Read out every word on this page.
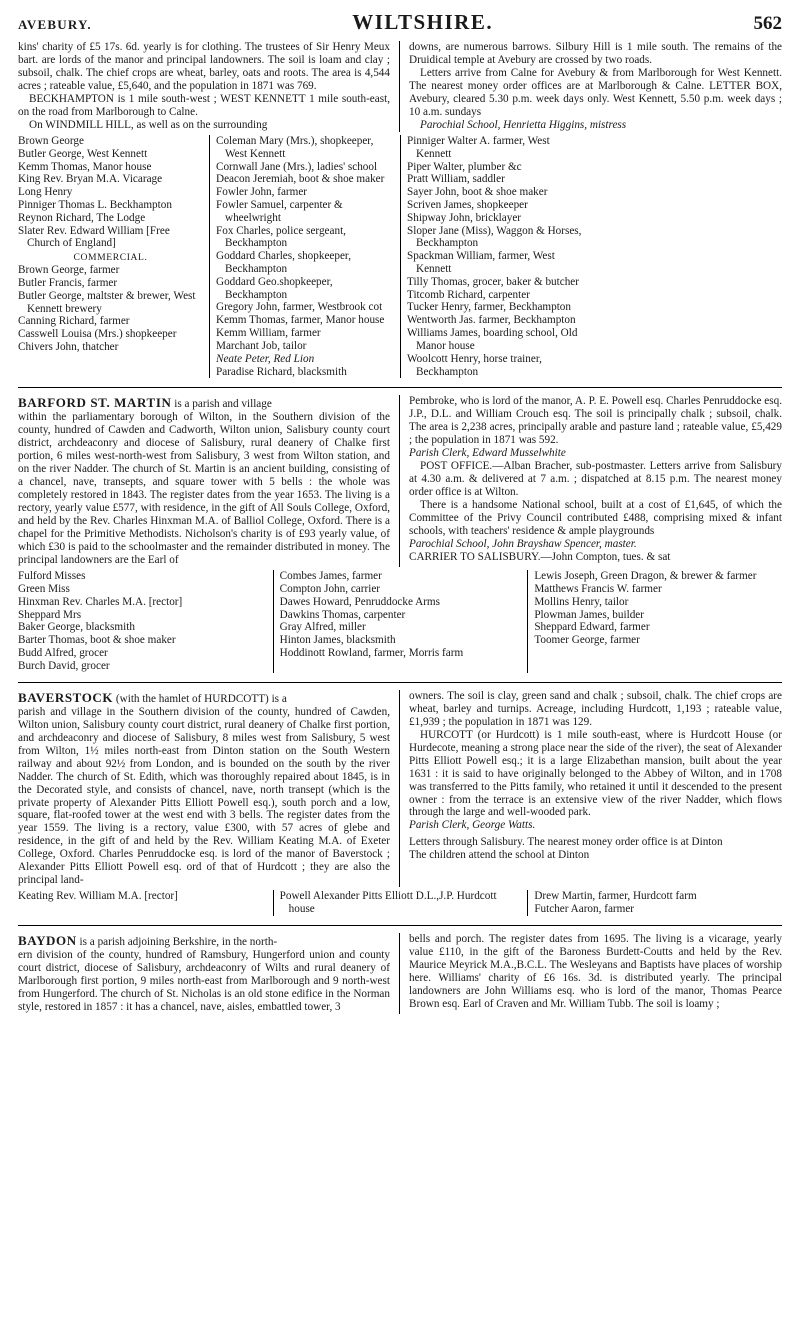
AVEBURY.	WILTSHIRE.	562

kins' charity of £5 17s. 6d. yearly is for clothing. The trustees of Sir Henry Meux bart. are lords of the manor and principal landowners. The soil is loam and clay ; subsoil, chalk. The chief crops are wheat, barley, oats and roots. The area is 4,544 acres ; rateable value, £5,640, and the population in 1871 was 769.

BECKHAMPTON is 1 mile south-west ; WEST KENNETT 1 mile south-east, on the road from Marlborough to Calne.

On WINDMILL HILL, as well as on the surrounding

downs, are numerous barrows. Silbury Hill is 1 mile south. The remains of the Druidical temple at Avebury are crossed by two roads.

Letters arrive from Calne for Avebury & from Marlborough for West Kennett. The nearest money order offices are at Marlborough & Calne. LETTER BOX, Avebury, cleared 5.30 p.m. week days only. West Kennett, 5.50 p.m. week days ; 10 a.m. sundays

Parochial School, Henrietta Higgins, mistress

Brown George

Butler George, West Kennett

Kemm Thomas, Manor house

King Rev. Bryan M.A. Vicarage

Long Henry

Pinniger Thomas L. Beckhampton

Reynon Richard, The Lodge

Slater Rev. Edward William [Free Church of England]

COMMERCIAL.

Brown George, farmer

Butler Francis, farmer

Butler George, maltster & brewer, West Kennett brewery

Canning Richard, farmer

Casswell Louisa (Mrs.) shopkeeper

Chivers John, thatcher

Coleman Mary (Mrs.), shopkeeper, West Kennett

Cornwall Jane (Mrs.), ladies' school

Deacon Jeremiah, boot & shoe maker

Fowler John, farmer

Fowler Samuel, carpenter & wheelwright

Fox Charles, police sergeant, Beckhampton

Goddard Charles, shopkeeper, Beckhampton

Goddard Geo.shopkeeper, Beckhampton

Gregory John, farmer, Westbrook cot

Kemm Thomas, farmer, Manor house

Kemm William, farmer

Marchant Job, tailor

Neate Peter, Red Lion

Paradise Richard, blacksmith

Pinniger Walter A. farmer, West Kennett

Piper Walter, plumber &c

Pratt William, saddler

Sayer John, boot & shoe maker

Scriven James, shopkeeper

Shipway John, bricklayer

Sloper Jane (Miss), Waggon & Horses, Beckhampton

Spackman William, farmer, West Kennett

Tilly Thomas, grocer, baker & butcher

Titcomb Richard, carpenter

Tucker Henry, farmer, Beckhampton

Wentworth Jas. farmer, Beckhampton

Williams James, boarding school, Old Manor house

Woolcott Henry, horse trainer, Beckhampton

BARFORD ST. MARTIN is a parish and village

within the parliamentary borough of Wilton, in the Southern division of the county, hundred of Cawden and Cadworth, Wilton union, Salisbury county court district, archdeaconry and diocese of Salisbury, rural deanery of Chalke first portion, 6 miles west-north-west from Salisbury, 3 west from Wilton station, and on the river Nadder. The church of St. Martin is an ancient building, consisting of a chancel, nave, transepts, and square tower with 5 bells : the whole was completely restored in 1843. The register dates from the year 1653. The living is a rectory, yearly value £577, with residence, in the gift of All Souls College, Oxford, and held by the Rev. Charles Hinxman M.A. of Balliol College, Oxford. There is a chapel for the Primitive Methodists. Nicholson's charity is of £93 yearly value, of which £30 is paid to the schoolmaster and the remainder distributed in money. The principal landowners are the Earl of

Pembroke, who is lord of the manor, A. P. E. Powell esq. Charles Penruddocke esq. J.P., D.L. and William Crouch esq. The soil is principally chalk ; subsoil, chalk. The area is 2,238 acres, principally arable and pasture land ; rateable value, £5,429 ; the population in 1871 was 592.

Parish Clerk, Edward Musselwhite

POST OFFICE.—Alban Bracher, sub-postmaster. Letters arrive from Salisbury at 4.30 a.m. & delivered at 7 a.m. ; dispatched at 8.15 p.m. The nearest money order office is at Wilton.

There is a handsome National school, built at a cost of £1,645, of which the Committee of the Privy Council contributed £488, comprising mixed & infant schools, with teachers' residence & ample playgrounds

Parochial School, John Brayshaw Spencer, master.

CARRIER TO SALISBURY.—John Compton, tues. & sat

Fulford Misses

Green Miss

Hinxman Rev. Charles M.A. [rector]

Sheppard Mrs

Baker George, blacksmith

Barter Thomas, boot & shoe maker

Budd Alfred, grocer

Burch David, grocer

Combes James, farmer

Compton John, carrier

Dawes Howard, Penruddocke Arms

Dawkins Thomas, carpenter

Gray Alfred, miller

Hinton James, blacksmith

Hoddinott Rowland, farmer, Morris farm

Lewis Joseph, Green Dragon, & brewer & farmer

Matthews Francis W. farmer

Mollins Henry, tailor

Plowman James, builder

Sheppard Edward, farmer

Toomer George, farmer

BAVERSTOCK (with the hamlet of HURDCOTT) is a

parish and village in the Southern division of the county, hundred of Cawden, Wilton union, Salisbury county court district, rural deanery of Chalke first portion, and archdeaconry and diocese of Salisbury, 8 miles west from Salisbury, 5 west from Wilton, 1½ miles north-east from Dinton station on the South Western railway and about 92½ from London, and is bounded on the south by the river Nadder. The church of St. Edith, which was thoroughly repaired about 1845, is in the Decorated style, and consists of chancel, nave, north transept (which is the private property of Alexander Pitts Elliott Powell esq.), south porch and a low, square, flat-roofed tower at the west end with 3 bells. The register dates from the year 1559. The living is a rectory, value £300, with 57 acres of glebe and residence, in the gift of and held by the Rev. William Keating M.A. of Exeter College, Oxford. Charles Penruddocke esq. is lord of the manor of Baverstock ; Alexander Pitts Elliott Powell esq. ord of that of Hurdcott ; they are also the principal land-

owners. The soil is clay, green sand and chalk ; subsoil, chalk. The chief crops are wheat, barley and turnips. Acreage, including Hurdcott, 1,193 ; rateable value, £1,939 ; the population in 1871 was 129.

HURCOTT (or Hurdcott) is 1 mile south-east, where is Hurdcott House (or Hurdecote, meaning a strong place near the side of the river), the seat of Alexander Pitts Elliott Powell esq.; it is a large Elizabethan mansion, built about the year 1631 : it is said to have originally belonged to the Abbey of Wilton, and in 1708 was transferred to the Pitts family, who retained it until it descended to the present owner : from the terrace is an extensive view of the river Nadder, which flows through the large and well-wooded park.

Parish Clerk, George Watts.

Letters through Salisbury. The nearest money order office is at Dinton

The children attend the school at Dinton

Keating Rev. William M.A. [rector]	Powell Alexander Pitts Elliott D.L.,J.P. Hurdcott house

Drew Martin, farmer, Hurdcott farm

Futcher Aaron, farmer

BAYDON is a parish adjoining Berkshire, in the north-

ern division of the county, hundred of Ramsbury, Hungerford union and county court district, diocese of Salisbury, archdeaconry of Wilts and rural deanery of Marlborough first portion, 9 miles north-east from Marlborough and 9 north-west from Hungerford. The church of St. Nicholas is an old stone edifice in the Norman style, restored in 1857 : it has a chancel, nave, aisles, embattled tower, 3

bells and porch. The register dates from 1695. The living is a vicarage, yearly value £110, in the gift of the Baroness Burdett-Coutts and held by the Rev. Maurice Meyrick M.A.,B.C.L. The Wesleyans and Baptists have places of worship here. Williams' charity of £6 16s. 3d. is distributed yearly. The principal landowners are John Williams esq. who is lord of the manor, Thomas Pearce Brown esq. Earl of Craven and Mr. William Tubb. The soil is loamy ;
